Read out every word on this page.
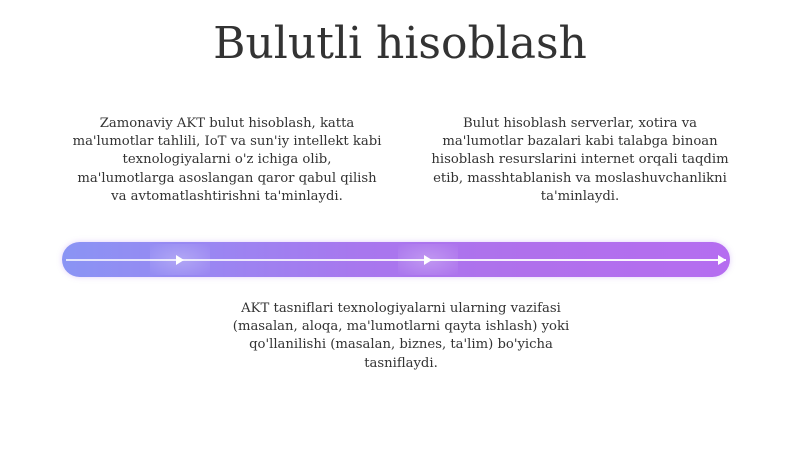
Bulutli hisoblash
Zamonaviy AKT bulut hisoblash, katta ma'lumotlar tahlili, IoT va sun'iy intellekt kabi texnologiyalarni o'z ichiga olib, ma'lumotlarga asoslangan qaror qabul qilish va avtomatlashtirishni ta'minlaydi.
Bulut hisoblash serverlar, xotira va ma'lumotlar bazalari kabi talabga binoan hisoblash resurslarini internet orqali taqdim etib, masshtablanish va moslashuvchanlikni ta'minlaydi.
AKT tasniflari texnologiyalarni ularning vazifasi (masalan, aloqa, ma'lumotlarni qayta ishlash) yoki qo'llanilishi (masalan, biznes, ta'lim) bo'yicha tasniflaydi.
